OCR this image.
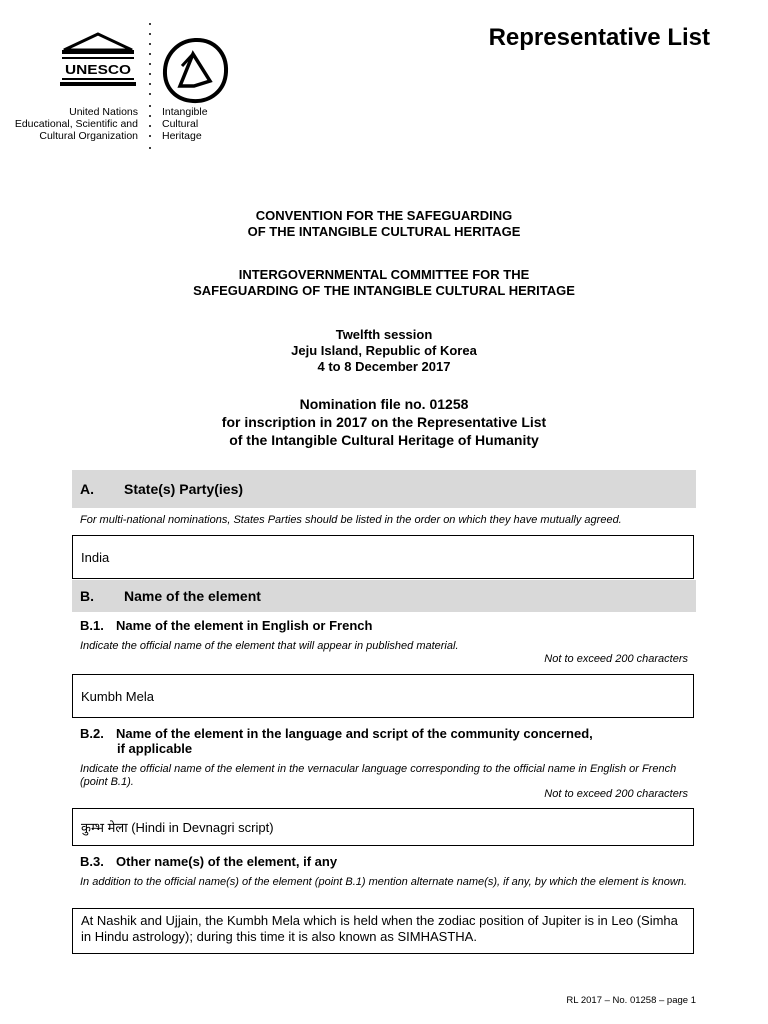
Representative List
UNESCO
United Nations
Educational, Scientific and
Cultural Organization
Intangible
Cultural
Heritage
CONVENTION FOR THE SAFEGUARDING
OF THE INTANGIBLE CULTURAL HERITAGE
INTERGOVERNMENTAL COMMITTEE FOR THE
SAFEGUARDING OF THE INTANGIBLE CULTURAL HERITAGE
Twelfth session
Jeju Island, Republic of Korea
4 to 8 December 2017
Nomination file no. 01258
for inscription in 2017 on the Representative List
of the Intangible Cultural Heritage of Humanity
A.	State(s) Party(ies)
For multi-national nominations, States Parties should be listed in the order on which they have mutually agreed.
India
B.	Name of the element
B.1. Name of the element in English or French
Indicate the official name of the element that will appear in published material.
Not to exceed 200 characters
Kumbh Mela
B.2. Name of the element in the language and script of the community concerned,
if applicable
Indicate the official name of the element in the vernacular language corresponding to the official name in English or French (point B.1).
Not to exceed 200 characters
कुम्भ मेला (Hindi in Devnagri script)
B.3. Other name(s) of the element, if any
In addition to the official name(s) of the element (point B.1) mention alternate name(s), if any, by which the element is known.
At Nashik and Ujjain, the Kumbh Mela which is held when the zodiac position of Jupiter is in Leo (Simha in Hindu astrology); during this time it is also known as SIMHASTHA.
RL 2017 – No. 01258 – page 1
